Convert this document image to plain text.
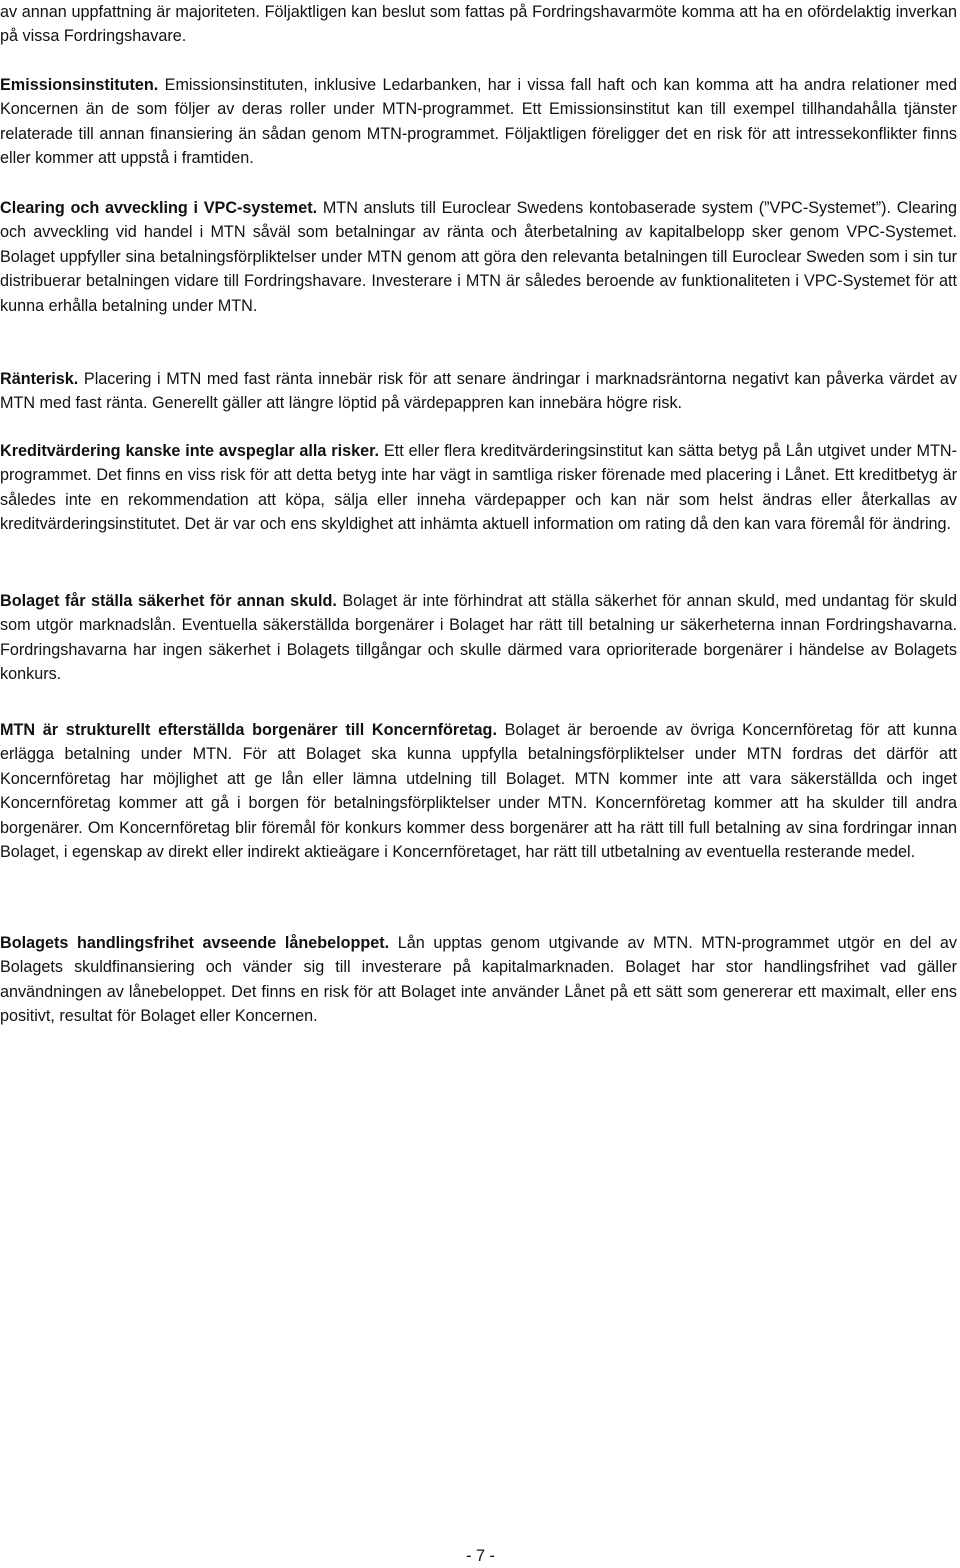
av annan uppfattning är majoriteten. Följaktligen kan beslut som fattas på Fordringshavarmöte komma att ha en ofördelaktig inverkan på vissa Fordringshavare.

Emissionsinstituten. Emissionsinstituten, inklusive Ledarbanken, har i vissa fall haft och kan komma att ha andra relationer med Koncernen än de som följer av deras roller under MTN-programmet. Ett Emissionsinstitut kan till exempel tillhandahålla tjänster relaterade till annan finansiering än sådan genom MTN-programmet. Följaktligen föreligger det en risk för att intressekonflikter finns eller kommer att uppstå i framtiden.

Clearing och avveckling i VPC-systemet. MTN ansluts till Euroclear Swedens kontobaserade system (”VPC-Systemet”). Clearing och avveckling vid handel i MTN såväl som betalningar av ränta och återbetalning av kapitalbelopp sker genom VPC-Systemet. Bolaget uppfyller sina betalningsförpliktelser under MTN genom att göra den relevanta betalningen till Euroclear Sweden som i sin tur distribuerar betalningen vidare till Fordringshavare. Investerare i MTN är således beroende av funktionaliteten i VPC-Systemet för att kunna erhålla betalning under MTN.

Ränterisk. Placering i MTN med fast ränta innebär risk för att senare ändringar i marknadsräntorna negativt kan påverka värdet av MTN med fast ränta. Generellt gäller att längre löptid på värdepappren kan innebära högre risk.

Kreditvärdering kanske inte avspeglar alla risker. Ett eller flera kreditvärderingsinstitut kan sätta betyg på Lån utgivet under MTN-programmet. Det finns en viss risk för att detta betyg inte har vägt in samtliga risker förenade med placering i Lånet. Ett kreditbetyg är således inte en rekommendation att köpa, sälja eller inneha värdepapper och kan när som helst ändras eller återkallas av kreditvärderingsinstitutet. Det är var och ens skyldighet att inhämta aktuell information om rating då den kan vara föremål för ändring.

Bolaget får ställa säkerhet för annan skuld. Bolaget är inte förhindrat att ställa säkerhet för annan skuld, med undantag för skuld som utgör marknadslån. Eventuella säkerställda borgenärer i Bolaget har rätt till betalning ur säkerheterna innan Fordringshavarna. Fordringshavarna har ingen säkerhet i Bolagets tillgångar och skulle därmed vara oprioriterade borgenärer i händelse av Bolagets konkurs.

MTN är strukturellt efterställda borgenärer till Koncernföretag. Bolaget är beroende av övriga Koncernföretag för att kunna erlägga betalning under MTN. För att Bolaget ska kunna uppfylla betalningsförpliktelser under MTN fordras det därför att Koncernföretag har möjlighet att ge lån eller lämna utdelning till Bolaget. MTN kommer inte att vara säkerställda och inget Koncernföretag kommer att gå i borgen för betalningsförpliktelser under MTN. Koncernföretag kommer att ha skulder till andra borgenärer. Om Koncernföretag blir föremål för konkurs kommer dess borgenärer att ha rätt till full betalning av sina fordringar innan Bolaget, i egenskap av direkt eller indirekt aktieägare i Koncernföretaget, har rätt till utbetalning av eventuella resterande medel.

Bolagets handlingsfrihet avseende lånebeloppet. Lån upptas genom utgivande av MTN. MTN-programmet utgör en del av Bolagets skuldfinansiering och vänder sig till investerare på kapitalmarknaden. Bolaget har stor handlingsfrihet vad gäller användningen av lånebeloppet. Det finns en risk för att Bolaget inte använder Lånet på ett sätt som genererar ett maximalt, eller ens positivt, resultat för Bolaget eller Koncernen.

- 7 -
